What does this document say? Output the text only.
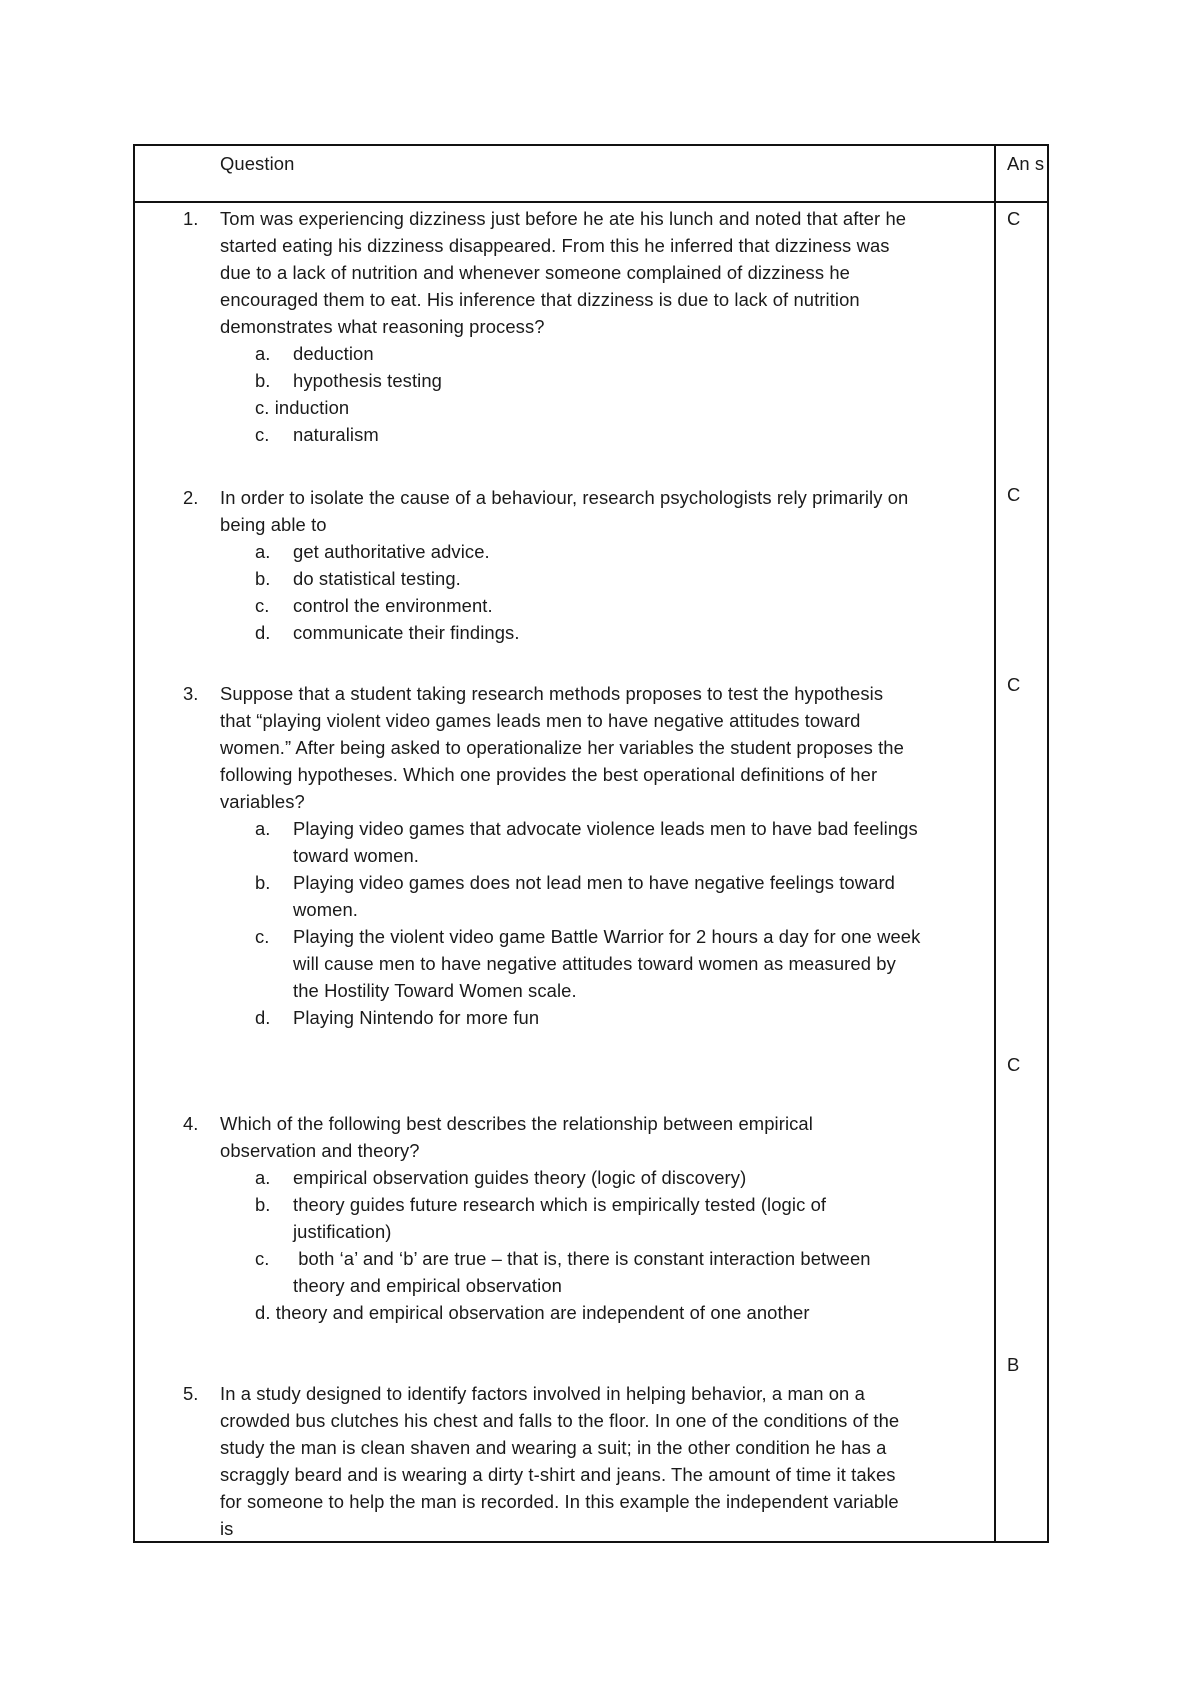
Question	An s
C
C
C
C
B
1. Tom was experiencing dizziness just before he ate his lunch and noted that after he
started eating his dizziness disappeared. From this he inferred that dizziness was
due to a lack of nutrition and whenever someone complained of dizziness he
encouraged them to eat. His inference that dizziness is due to lack of nutrition
demonstrates what reasoning process?
a. deduction
b. hypothesis testing
c. induction
c. naturalism
2. In order to isolate the cause of a behaviour, research psychologists rely primarily on
being able to
a. get authoritative advice.
b. do statistical testing.
c. control the environment.
d. communicate their findings.
3. Suppose that a student taking research methods proposes to test the hypothesis
that “playing violent video games leads men to have negative attitudes toward
women.” After being asked to operationalize her variables the student proposes the
following hypotheses. Which one provides the best operational definitions of her
variables?
a. Playing video games that advocate violence leads men to have bad feelings
toward women.
b. Playing video games does not lead men to have negative feelings toward
women.
c. Playing the violent video game Battle Warrior for 2 hours a day for one week
will cause men to have negative attitudes toward women as measured by
the Hostility Toward Women scale.
d. Playing Nintendo for more fun
4. Which of the following best describes the relationship between empirical
observation and theory?
a. empirical observation guides theory (logic of discovery)
b. theory guides future research which is empirically tested (logic of
justification)
c. both ‘a’ and ‘b’ are true – that is, there is constant interaction between
theory and empirical observation
d. theory and empirical observation are independent of one another
5. In a study designed to identify factors involved in helping behavior, a man on a
crowded bus clutches his chest and falls to the floor. In one of the conditions of the
study the man is clean shaven and wearing a suit; in the other condition he has a
scraggly beard and is wearing a dirty t-shirt and jeans. The amount of time it takes
for someone to help the man is recorded. In this example the independent variable
is
